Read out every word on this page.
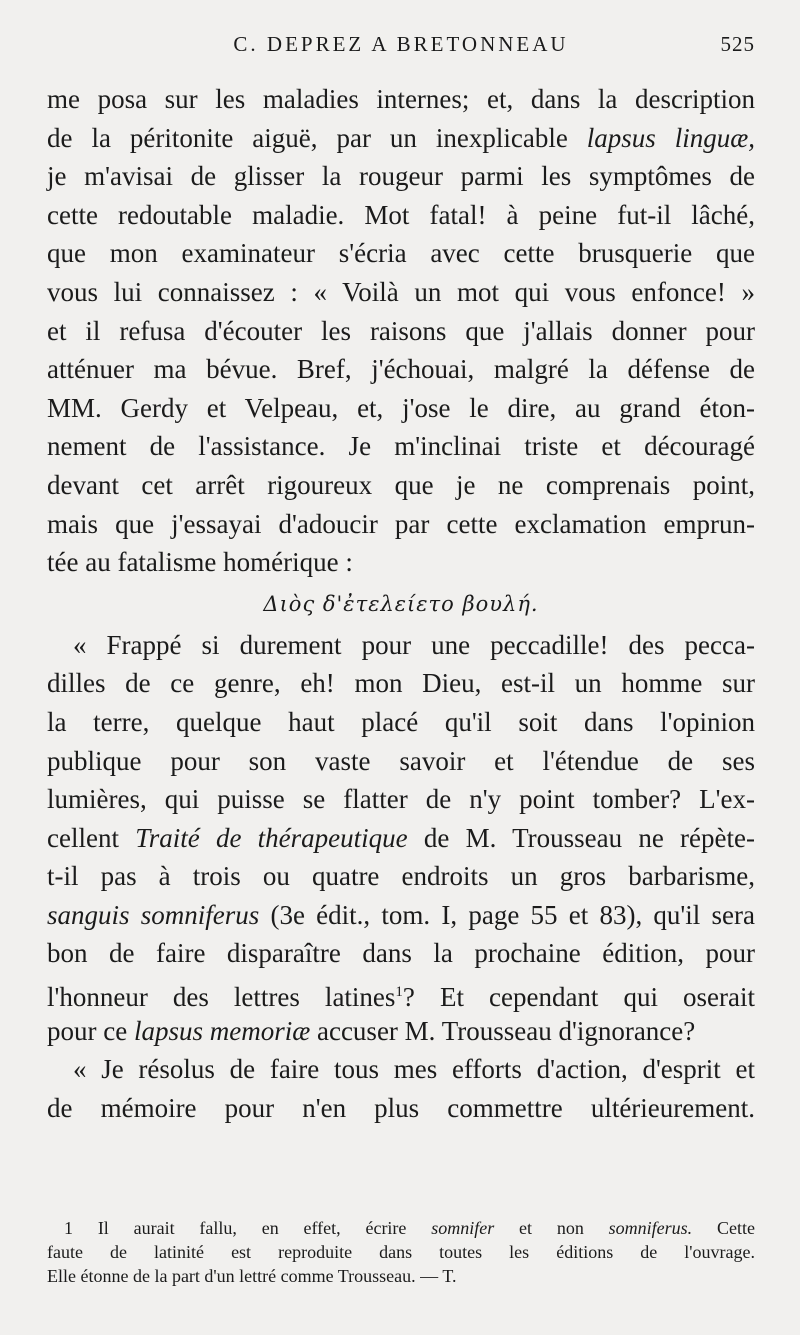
C. DEPREZ A BRETONNEAU	525
me posa sur les maladies internes; et, dans la description
de la péritonite aiguë, par un inexplicable lapsus linguæ,
je m'avisai de glisser la rougeur parmi les symptômes de
cette redoutable maladie. Mot fatal! à peine fut-il lâché,
que mon examinateur s'écria avec cette brusquerie que
vous lui connaissez : « Voilà un mot qui vous enfonce! »
et il refusa d'écouter les raisons que j'allais donner pour
atténuer ma bévue. Bref, j'échouai, malgré la défense de
MM. Gerdy et Velpeau, et, j'ose le dire, au grand éton-
nement de l'assistance. Je m'inclinai triste et découragé
devant cet arrêt rigoureux que je ne comprenais point,
mais que j'essayai d'adoucir par cette exclamation emprun-
tée au fatalisme homérique :
Διὸς δ'ἐτελείετο βουλή.
« Frappé si durement pour une peccadille! des pecca-
dilles de ce genre, eh! mon Dieu, est-il un homme sur
la terre, quelque haut placé qu'il soit dans l'opinion
publique pour son vaste savoir et l'étendue de ses
lumières, qui puisse se flatter de n'y point tomber? L'ex-
cellent Traité de thérapeutique de M. Trousseau ne répète-
t-il pas à trois ou quatre endroits un gros barbarisme,
sanguis somniferus (3e édit., tom. I, page 55 et 83), qu'il sera
bon de faire disparaître dans la prochaine édition, pour
l'honneur des lettres latines$^1$? Et cependant qui oserait
pour ce lapsus memoriæ accuser M. Trousseau d'ignorance?
« Je résolus de faire tous mes efforts d'action, d'esprit et
de mémoire pour n'en plus commettre ultérieurement.
1 Il aurait fallu, en effet, écrire somnifer et non somniferus. Cette
faute de latinité est reproduite dans toutes les éditions de l'ouvrage.
Elle étonne de la part d'un lettré comme Trousseau. — T.
